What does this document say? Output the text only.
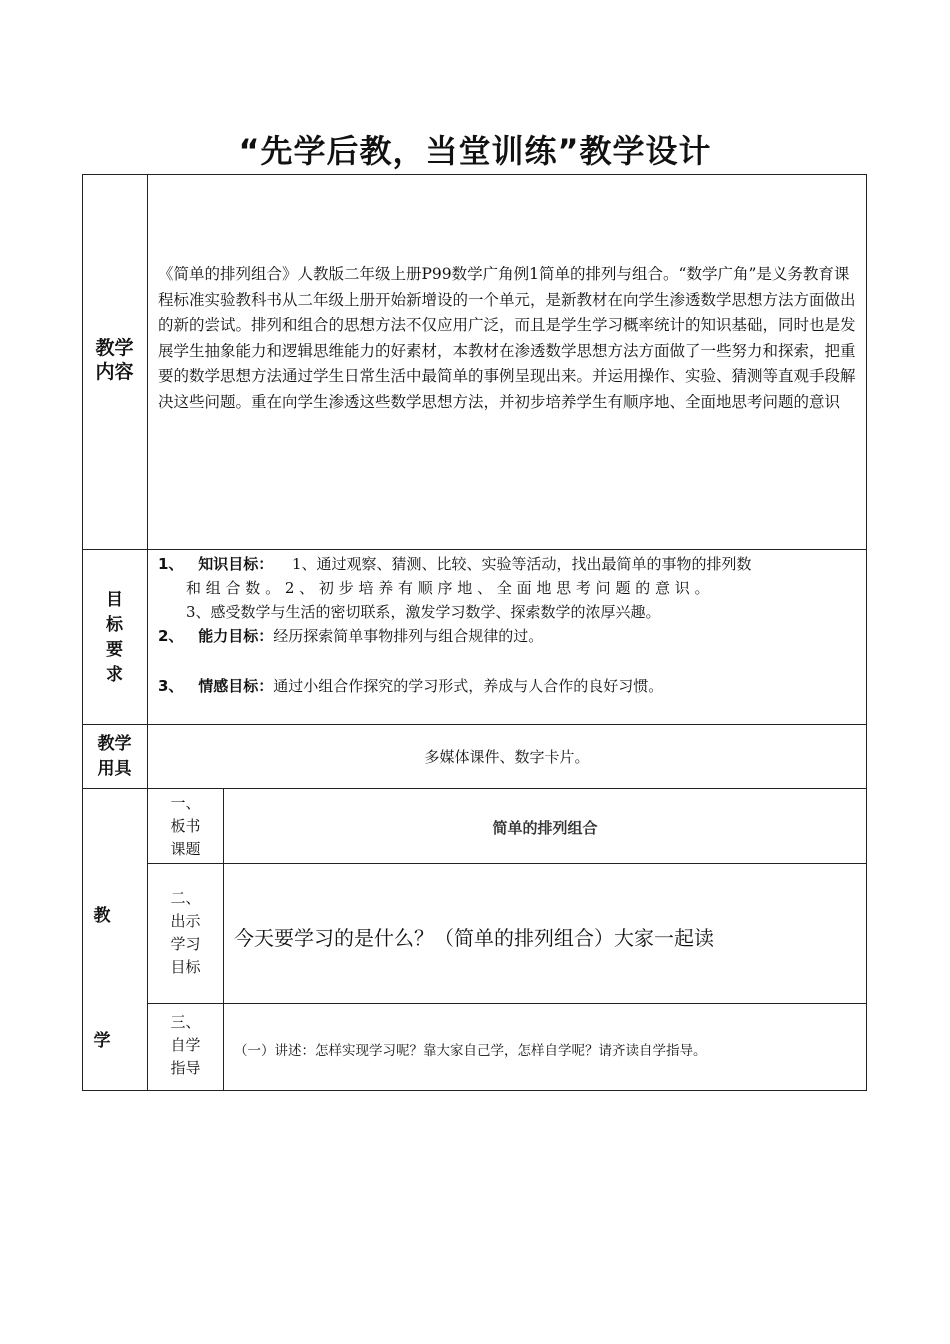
“先学后教，当堂训练”教学设计
教学
内容
《简单的排列组合》人教版二年级上册P99数学广角例1简单的排列与组合。“数学广角”是义务教育课程标准实验教科书从二年级上册开始新增设的一个单元，是新教材在向学生渗透数学思想方法方面做出的新的尝试。排列和组合的思想方法不仅应用广泛，而且是学生学习概率统计的知识基础，同时也是发展学生抽象能力和逻辑思维能力的好素材，本教材在渗透数学思想方法方面做了一些努力和探索，把重要的数学思想方法通过学生日常生活中最简单的事例呈现出来。并运用操作、实验、猜测等直观手段解决这些问题。重在向学生渗透这些数学思想方法，并初步培养学生有顺序地、全面地思考问题的意识
目
标
要
求
1、 知识目标： 1、通过观察、猜测、比较、实验等活动，找出最简单的事物的排列数
和 组 合 数 。 2 、 初 步 培 养 有 顺 序 地 、 全 面 地 思 考 问 题 的 意 识 。
3、感受数学与生活的密切联系，激发学习数学、探索数学的浓厚兴趣。
2、 能力目标：经历探索简单事物排列与组合规律的过。
3、 情感目标：通过小组合作探究的学习形式，养成与人合作的良好习惯。
教学
用具
多媒体课件、数字卡片。
教
学
一、
板书
课题
简单的排列组合
二、
出示
学习
目标
今天要学习的是什么？（简单的排列组合）大家一起读
三、
自学
指导
（一）讲述：怎样实现学习呢？靠大家自己学，怎样自学呢？请齐读自学指导。
